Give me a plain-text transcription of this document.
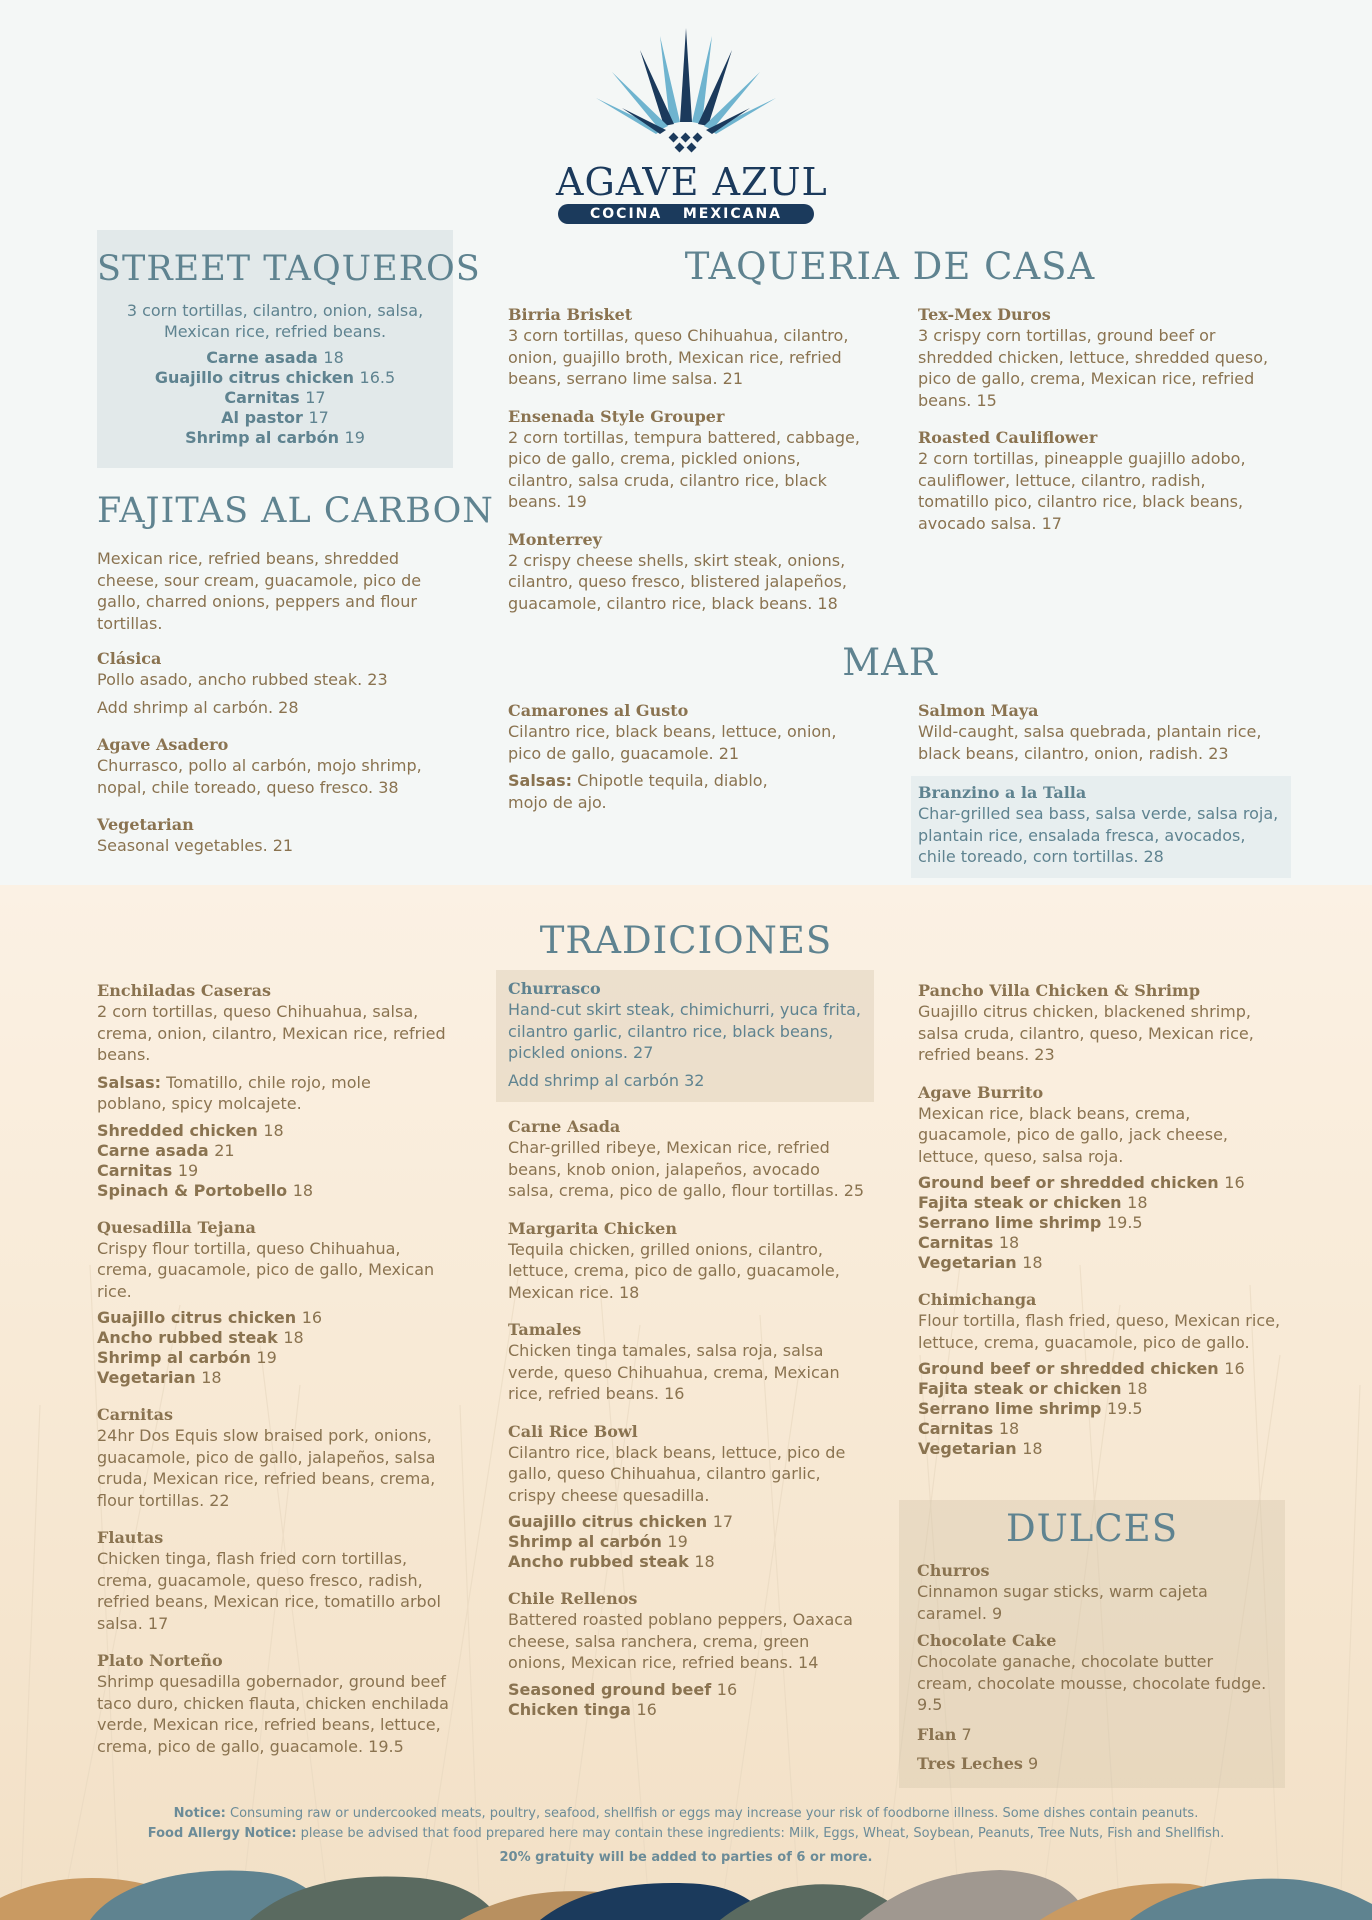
AGAVE AZUL
COCINA   MEXICANA
STREET TAQUEROS
3 corn tortillas, cilantro, onion, salsa, Mexican rice, refried beans.
Carne asada 18
Guajillo citrus chicken 16.5
Carnitas 17
Al pastor 17
Shrimp al carbón 19
FAJITAS AL CARBON
Mexican rice, refried beans, shredded cheese, sour cream, guacamole, pico de gallo, charred onions, peppers and flour tortillas.
Clásica
Pollo asado, ancho rubbed steak. 23
Add shrimp al carbón. 28
Agave Asadero
Churrasco, pollo al carbón, mojo shrimp, nopal, chile toreado, queso fresco. 38
Vegetarian
Seasonal vegetables. 21
TAQUERIA DE CASA
Birria Brisket
3 corn tortillas, queso Chihuahua, cilantro, onion, guajillo broth, Mexican rice, refried beans, serrano lime salsa. 21
Ensenada Style Grouper
2 corn tortillas, tempura battered, cabbage, pico de gallo, crema, pickled onions, cilantro, salsa cruda, cilantro rice, black beans. 19
Monterrey
2 crispy cheese shells, skirt steak, onions, cilantro, queso fresco, blistered jalapeños, guacamole, cilantro rice, black beans. 18
Tex-Mex Duros
3 crispy corn tortillas, ground beef or shredded chicken, lettuce, shredded queso, pico de gallo, crema, Mexican rice, refried beans. 15
Roasted Cauliflower
2 corn tortillas, pineapple guajillo adobo, cauliflower, lettuce, cilantro, radish, tomatillo pico, cilantro rice, black beans, avocado salsa. 17
MAR
Camarones al Gusto
Cilantro rice, black beans, lettuce, onion, pico de gallo, guacamole. 21
Salsas: Chipotle tequila, diablo, mojo de ajo.
Salmon Maya
Wild-caught, salsa quebrada, plantain rice, black beans, cilantro, onion, radish. 23
Branzino a la Talla
Char-grilled sea bass, salsa verde, salsa roja, plantain rice, ensalada fresca, avocados, chile toreado, corn tortillas. 28
TRADICIONES
Enchiladas Caseras
2 corn tortillas, queso Chihuahua, salsa, crema, onion, cilantro, Mexican rice, refried beans.
Salsas: Tomatillo, chile rojo, mole poblano, spicy molcajete.
Shredded chicken 18
Carne asada 21
Carnitas 19
Spinach & Portobello 18
Quesadilla Tejana
Crispy flour tortilla, queso Chihuahua, crema, guacamole, pico de gallo, Mexican rice.
Guajillo citrus chicken 16
Ancho rubbed steak 18
Shrimp al carbón 19
Vegetarian 18
Carnitas
24hr Dos Equis slow braised pork, onions, guacamole, pico de gallo, jalapeños, salsa cruda, Mexican rice, refried beans, crema, flour tortillas. 22
Flautas
Chicken tinga, flash fried corn tortillas, crema, guacamole, queso fresco, radish, refried beans, Mexican rice, tomatillo arbol salsa. 17
Plato Norteño
Shrimp quesadilla gobernador, ground beef taco duro, chicken flauta, chicken enchilada verde, Mexican rice, refried beans, lettuce, crema, pico de gallo, guacamole. 19.5
Churrasco
Hand-cut skirt steak, chimichurri, yuca frita, cilantro garlic, cilantro rice, black beans, pickled onions. 27
Add shrimp al carbón 32
Carne Asada
Char-grilled ribeye, Mexican rice, refried beans, knob onion, jalapeños, avocado salsa, crema, pico de gallo, flour tortillas. 25
Margarita Chicken
Tequila chicken, grilled onions, cilantro, lettuce, crema, pico de gallo, guacamole, Mexican rice. 18
Tamales
Chicken tinga tamales, salsa roja, salsa verde, queso Chihuahua, crema, Mexican rice, refried beans. 16
Cali Rice Bowl
Cilantro rice, black beans, lettuce, pico de gallo, queso Chihuahua, cilantro garlic, crispy cheese quesadilla.
Guajillo citrus chicken 17
Shrimp al carbón 19
Ancho rubbed steak 18
Chile Rellenos
Battered roasted poblano peppers, Oaxaca cheese, salsa ranchera, crema, green onions, Mexican rice, refried beans. 14
Seasoned ground beef 16
Chicken tinga 16
Pancho Villa Chicken & Shrimp
Guajillo citrus chicken, blackened shrimp, salsa cruda, cilantro, queso, Mexican rice, refried beans. 23
Agave Burrito
Mexican rice, black beans, crema, guacamole, pico de gallo, jack cheese, lettuce, queso, salsa roja.
Ground beef or shredded chicken 16
Fajita steak or chicken 18
Serrano lime shrimp 19.5
Carnitas 18
Vegetarian 18
Chimichanga
Flour tortilla, flash fried, queso, Mexican rice, lettuce, crema, guacamole, pico de gallo.
Ground beef or shredded chicken 16
Fajita steak or chicken 18
Serrano lime shrimp 19.5
Carnitas 18
Vegetarian 18
DULCES
Churros
Cinnamon sugar sticks, warm cajeta caramel. 9
Chocolate Cake
Chocolate ganache, chocolate butter cream, chocolate mousse, chocolate fudge. 9.5
Flan 7
Tres Leches 9
Notice: Consuming raw or undercooked meats, poultry, seafood, shellfish or eggs may increase your risk of foodborne illness. Some dishes contain peanuts.
Food Allergy Notice: please be advised that food prepared here may contain these ingredients: Milk, Eggs, Wheat, Soybean, Peanuts, Tree Nuts, Fish and Shellfish.
20% gratuity will be added to parties of 6 or more.
